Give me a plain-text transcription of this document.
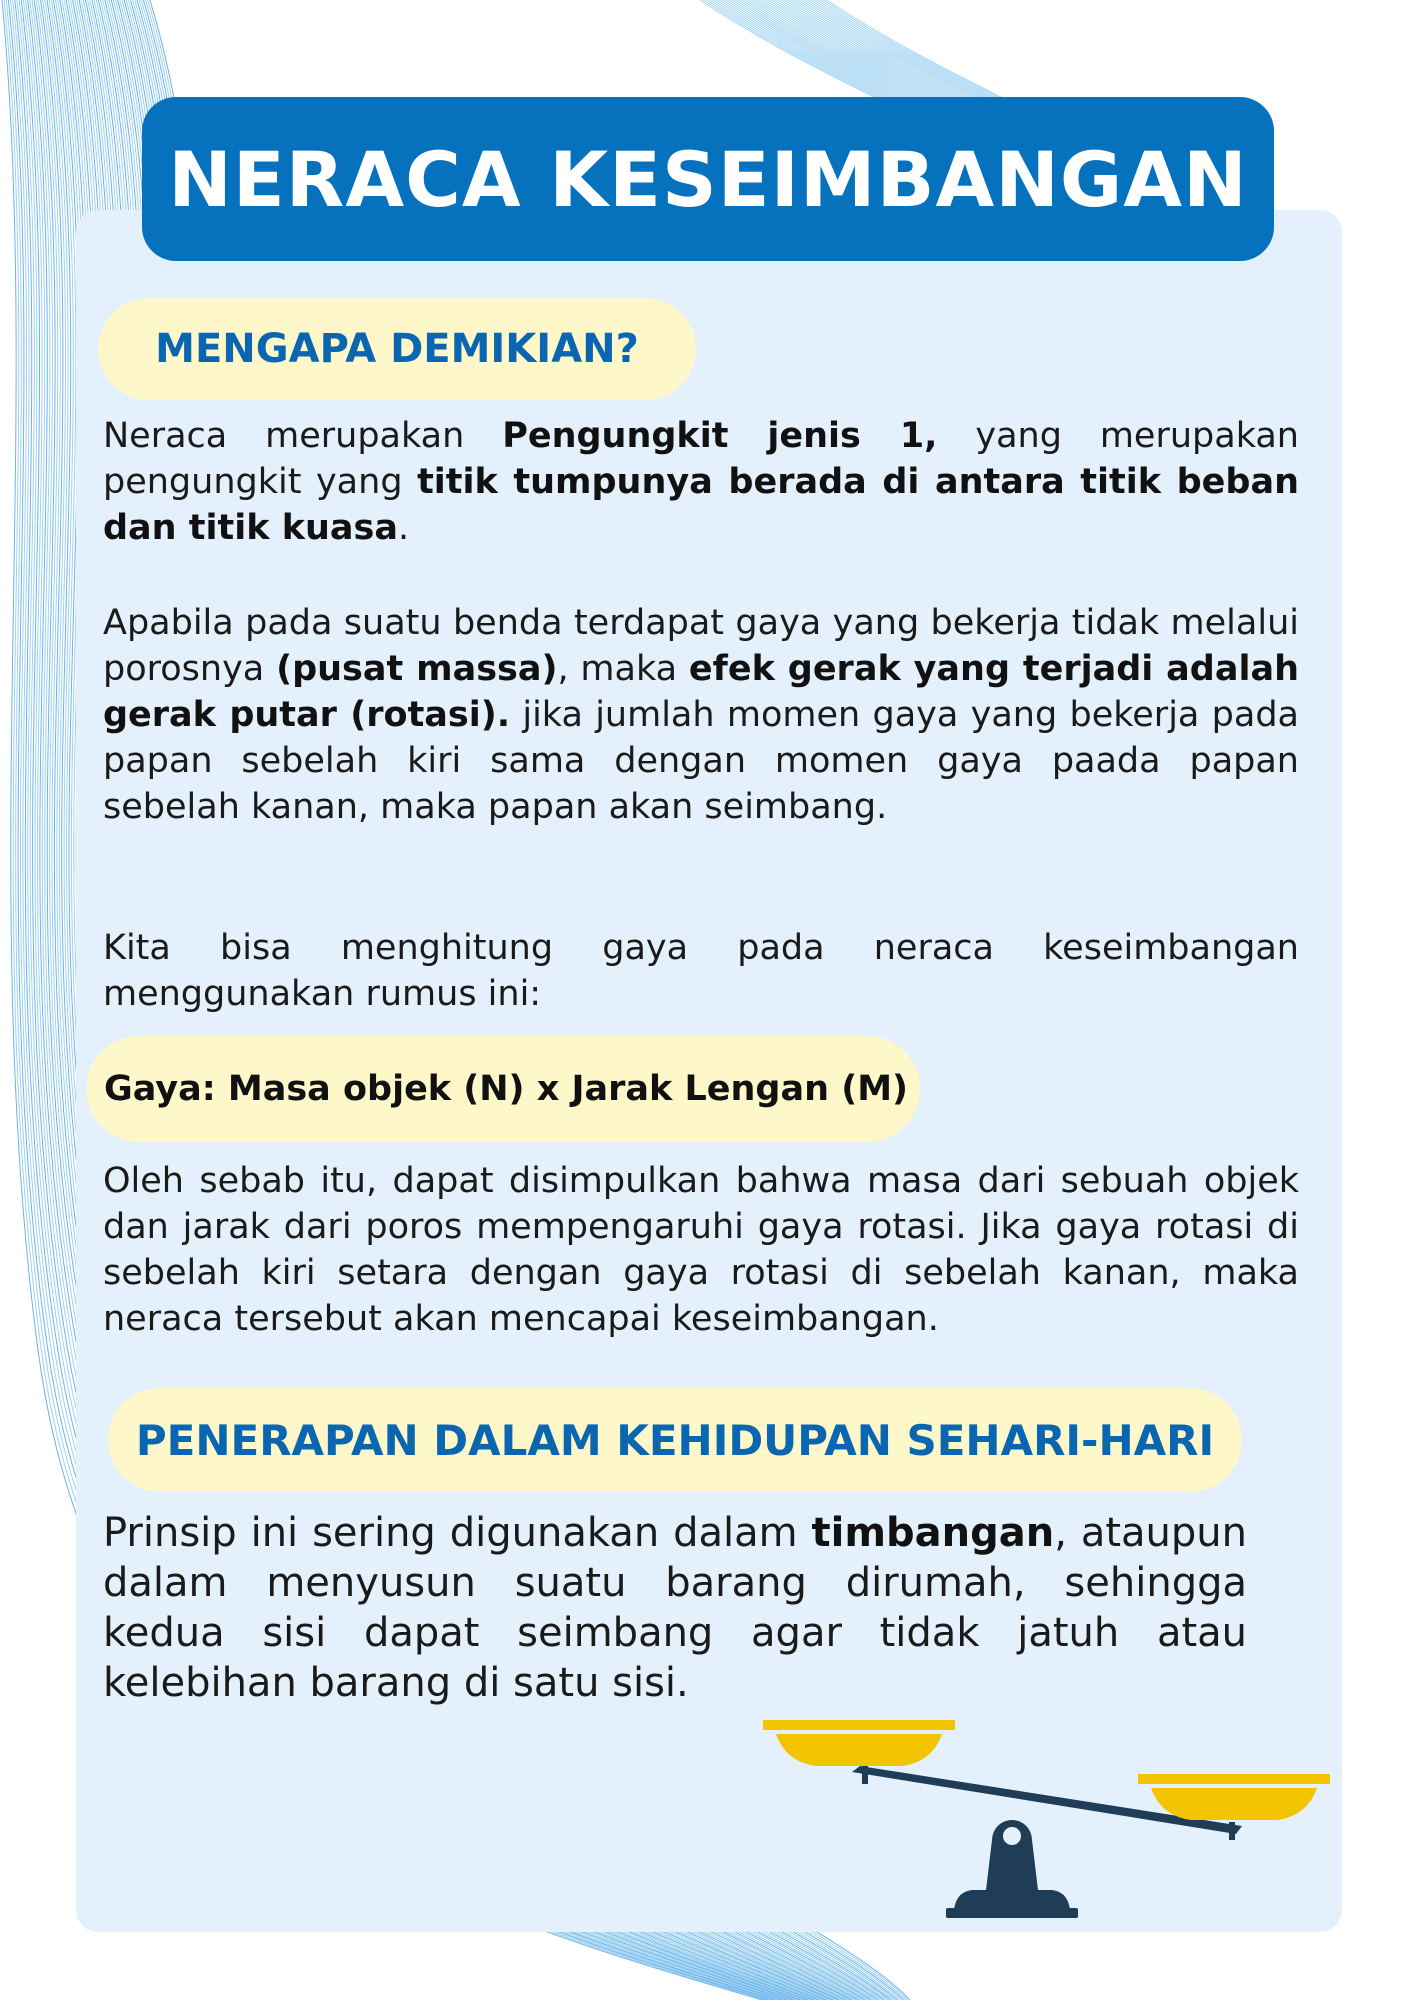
NERACA KESEIMBANGAN
MENGAPA DEMIKIAN?

Neraca merupakan Pengungkit jenis 1, yang merupakan pengungkit yang titik tumpunya berada di antara titik beban dan titik kuasa.

Apabila pada suatu benda terdapat gaya yang bekerja tidak melalui porosnya (pusat massa), maka efek gerak yang terjadi adalah gerak putar (rotasi). jika jumlah momen gaya yang bekerja pada papan sebelah kiri sama dengan momen gaya paada papan sebelah kanan, maka papan akan seimbang.

Kita bisa menghitung gaya pada neraca keseimbangan menggunakan rumus ini:

Gaya: Masa objek (N) x Jarak Lengan (M)

Oleh sebab itu, dapat disimpulkan bahwa masa dari sebuah objek dan jarak dari poros mempengaruhi gaya rotasi. Jika gaya rotasi di sebelah kiri setara dengan gaya rotasi di sebelah kanan, maka neraca tersebut akan mencapai keseimbangan.

PENERAPAN DALAM KEHIDUPAN SEHARI-HARI

Prinsip ini sering digunakan dalam timbangan, ataupun dalam menyusun suatu barang dirumah, sehingga kedua sisi dapat seimbang agar tidak jatuh atau kelebihan barang di satu sisi.
